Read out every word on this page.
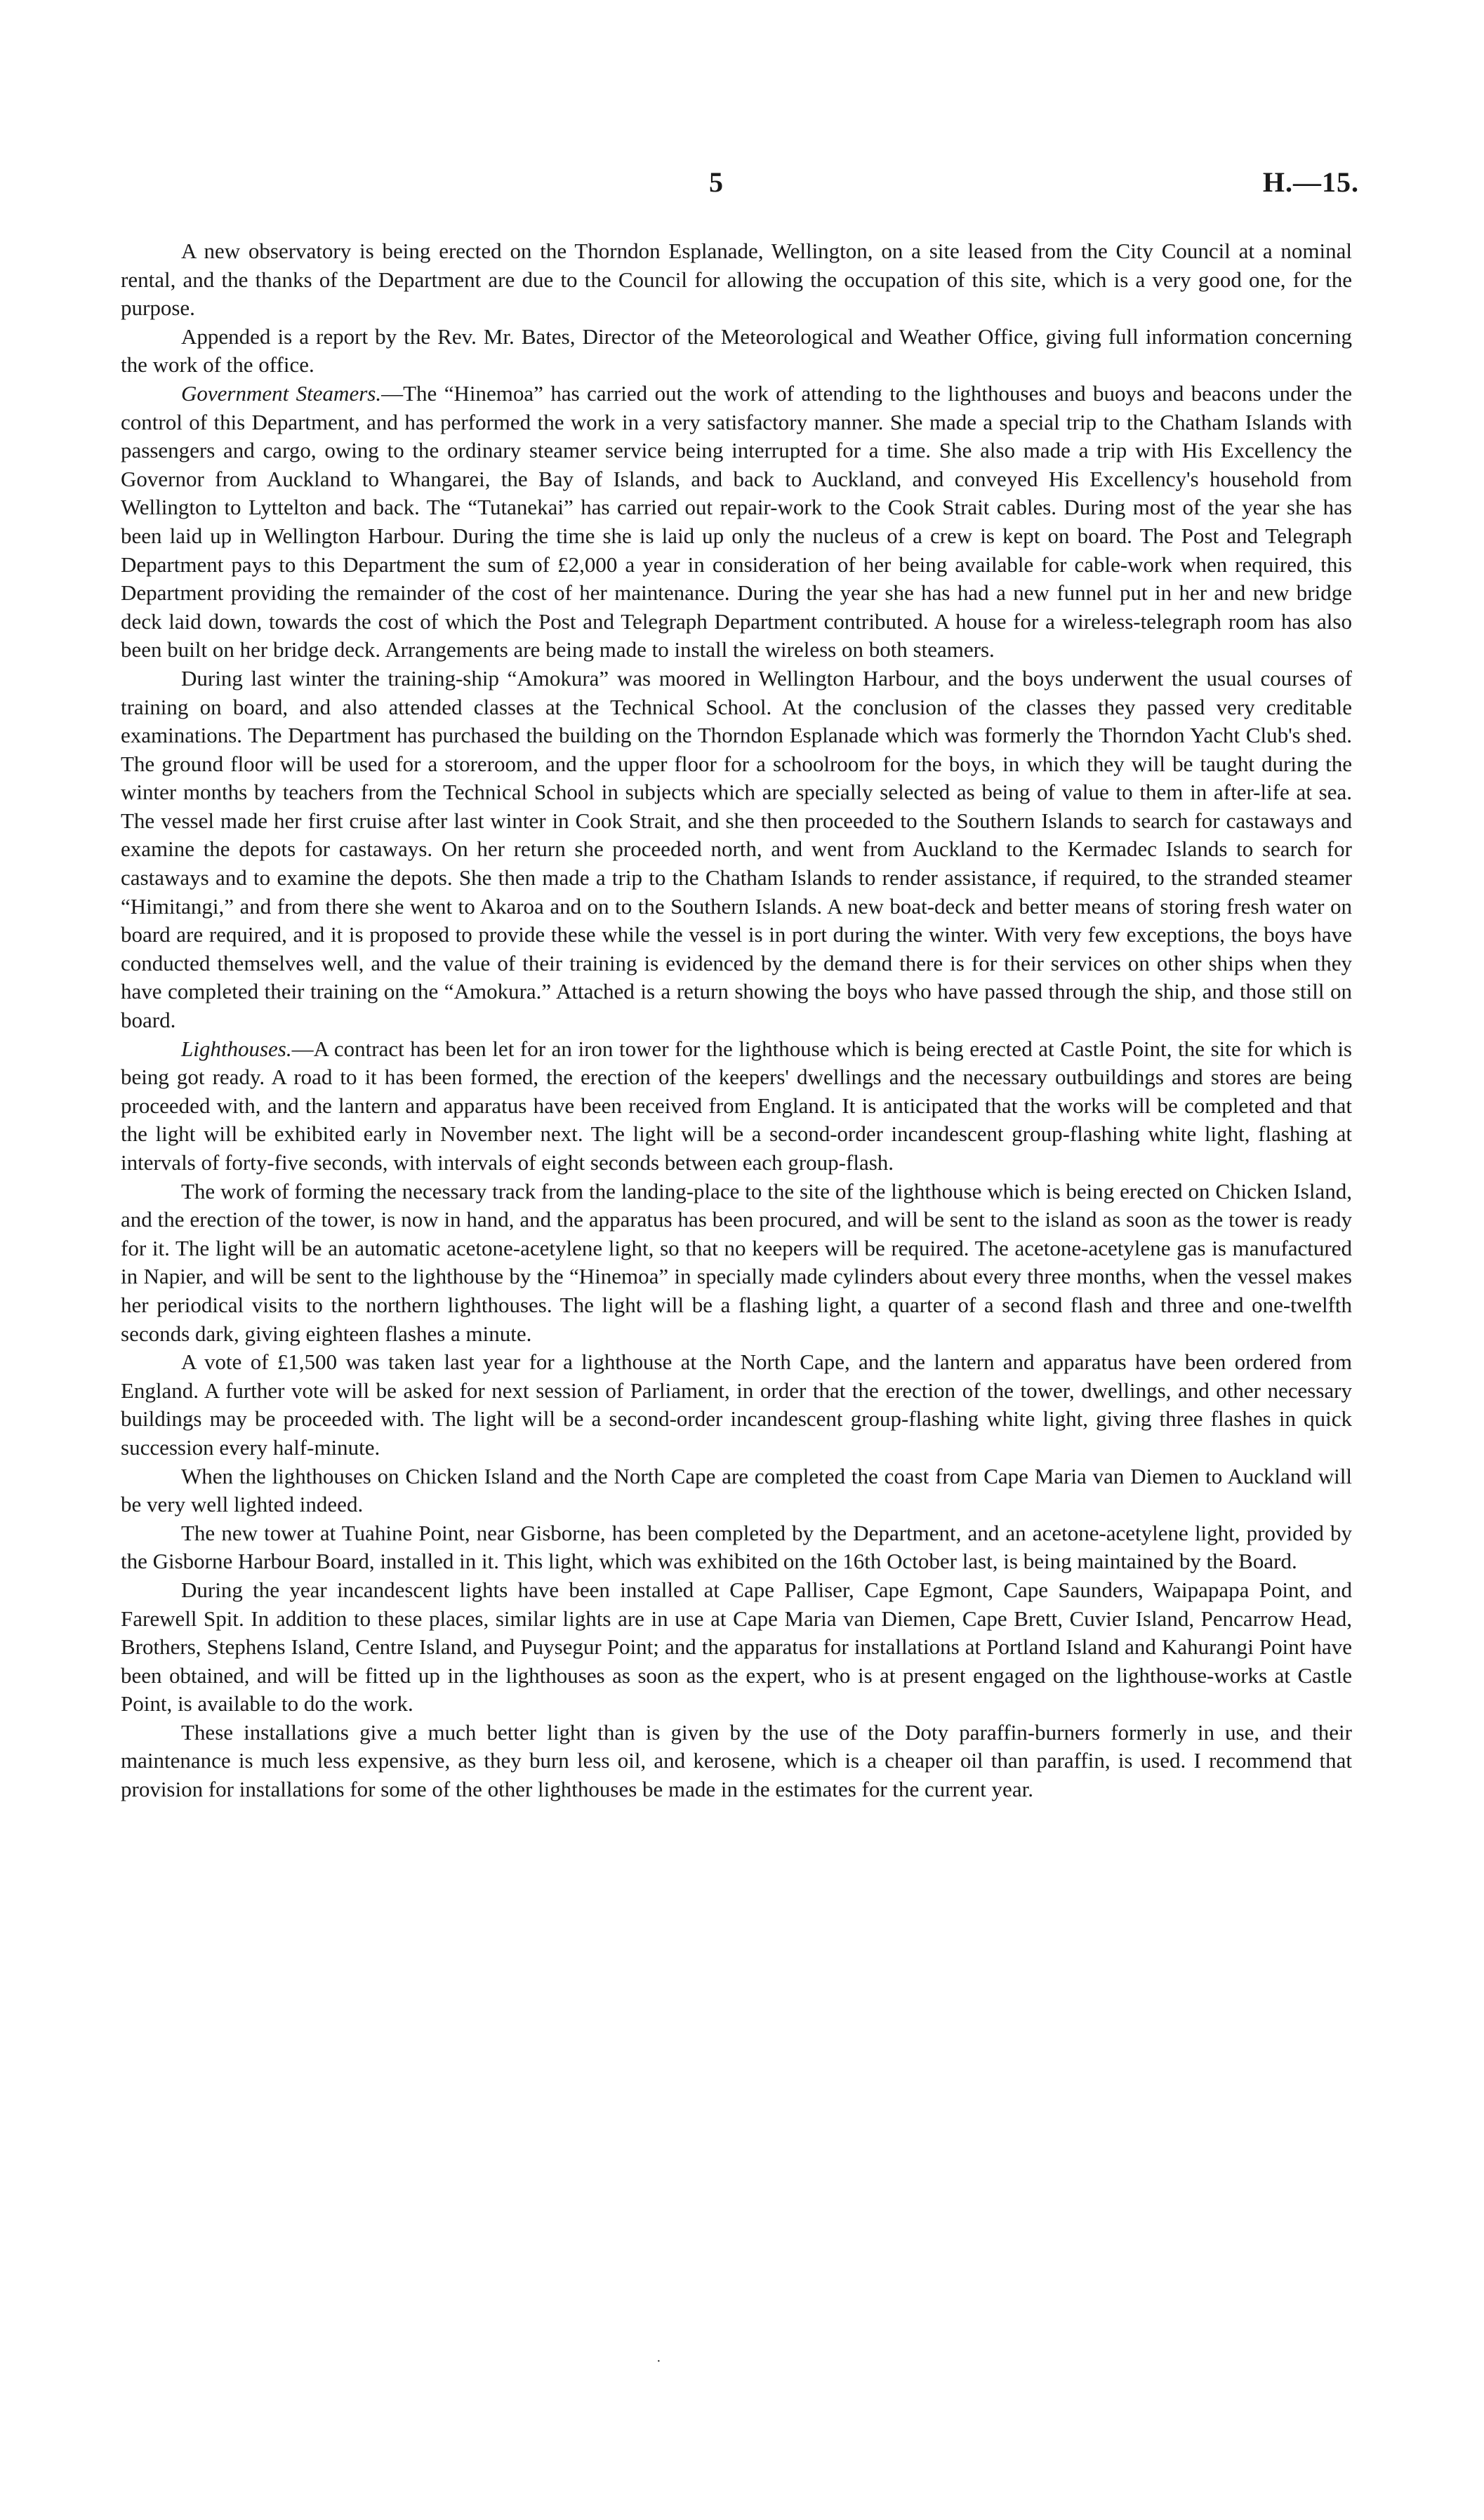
5	H.—15.

A new observatory is being erected on the Thorndon Esplanade, Wellington, on a site leased from the City Council at a nominal rental, and the thanks of the Department are due to the Council for allowing the occupation of this site, which is a very good one, for the purpose.

Appended is a report by the Rev. Mr. Bates, Director of the Meteorological and Weather Office, giving full information concerning the work of the office.

Government Steamers.—The “Hinemoa” has carried out the work of attending to the lighthouses and buoys and beacons under the control of this Department, and has performed the work in a very satisfactory manner. She made a special trip to the Chatham Islands with passengers and cargo, owing to the ordinary steamer service being interrupted for a time. She also made a trip with His Excellency the Governor from Auckland to Whangarei, the Bay of Islands, and back to Auckland, and conveyed His Excellency's household from Wellington to Lyttelton and back. The “Tutanekai” has carried out repair-work to the Cook Strait cables. During most of the year she has been laid up in Wellington Harbour. During the time she is laid up only the nucleus of a crew is kept on board. The Post and Telegraph Department pays to this Department the sum of £2,000 a year in consideration of her being available for cable-work when required, this Department providing the remainder of the cost of her maintenance. During the year she has had a new funnel put in her and new bridge deck laid down, towards the cost of which the Post and Telegraph Department contributed. A house for a wireless-telegraph room has also been built on her bridge deck. Arrangements are being made to install the wireless on both steamers.

During last winter the training-ship “Amokura” was moored in Wellington Harbour, and the boys underwent the usual courses of training on board, and also attended classes at the Technical School. At the conclusion of the classes they passed very creditable examinations. The Department has purchased the building on the Thorndon Esplanade which was formerly the Thorndon Yacht Club's shed. The ground floor will be used for a storeroom, and the upper floor for a schoolroom for the boys, in which they will be taught during the winter months by teachers from the Technical School in subjects which are specially selected as being of value to them in after-life at sea. The vessel made her first cruise after last winter in Cook Strait, and she then proceeded to the Southern Islands to search for castaways and examine the depots for castaways. On her return she proceeded north, and went from Auckland to the Kermadec Islands to search for castaways and to examine the depots. She then made a trip to the Chatham Islands to render assistance, if required, to the stranded steamer “Himitangi,” and from there she went to Akaroa and on to the Southern Islands. A new boat-deck and better means of storing fresh water on board are required, and it is proposed to provide these while the vessel is in port during the winter. With very few exceptions, the boys have conducted themselves well, and the value of their training is evidenced by the demand there is for their services on other ships when they have completed their training on the “Amokura.” Attached is a return showing the boys who have passed through the ship, and those still on board.

Lighthouses.—A contract has been let for an iron tower for the lighthouse which is being erected at Castle Point, the site for which is being got ready. A road to it has been formed, the erection of the keepers' dwellings and the necessary outbuildings and stores are being proceeded with, and the lantern and apparatus have been received from England. It is anticipated that the works will be completed and that the light will be exhibited early in November next. The light will be a second-order incandescent group-flashing white light, flashing at intervals of forty-five seconds, with intervals of eight seconds between each group-flash.

The work of forming the necessary track from the landing-place to the site of the lighthouse which is being erected on Chicken Island, and the erection of the tower, is now in hand, and the apparatus has been procured, and will be sent to the island as soon as the tower is ready for it. The light will be an automatic acetone-acetylene light, so that no keepers will be required. The acetone-acetylene gas is manufactured in Napier, and will be sent to the lighthouse by the “Hinemoa” in specially made cylinders about every three months, when the vessel makes her periodical visits to the northern lighthouses. The light will be a flashing light, a quarter of a second flash and three and one-twelfth seconds dark, giving eighteen flashes a minute.

A vote of £1,500 was taken last year for a lighthouse at the North Cape, and the lantern and apparatus have been ordered from England. A further vote will be asked for next session of Parliament, in order that the erection of the tower, dwellings, and other necessary buildings may be proceeded with. The light will be a second-order incandescent group-flashing white light, giving three flashes in quick succession every half-minute.

When the lighthouses on Chicken Island and the North Cape are completed the coast from Cape Maria van Diemen to Auckland will be very well lighted indeed.

The new tower at Tuahine Point, near Gisborne, has been completed by the Department, and an acetone-acetylene light, provided by the Gisborne Harbour Board, installed in it. This light, which was exhibited on the 16th October last, is being maintained by the Board.

During the year incandescent lights have been installed at Cape Palliser, Cape Egmont, Cape Saunders, Waipapapa Point, and Farewell Spit. In addition to these places, similar lights are in use at Cape Maria van Diemen, Cape Brett, Cuvier Island, Pencarrow Head, Brothers, Stephens Island, Centre Island, and Puysegur Point; and the apparatus for installations at Portland Island and Kahurangi Point have been obtained, and will be fitted up in the lighthouses as soon as the expert, who is at present engaged on the lighthouse-works at Castle Point, is available to do the work.

These installations give a much better light than is given by the use of the Doty paraffin-burners formerly in use, and their maintenance is much less expensive, as they burn less oil, and kerosene, which is a cheaper oil than paraffin, is used. I recommend that provision for installations for some of the other lighthouses be made in the estimates for the current year.

·
